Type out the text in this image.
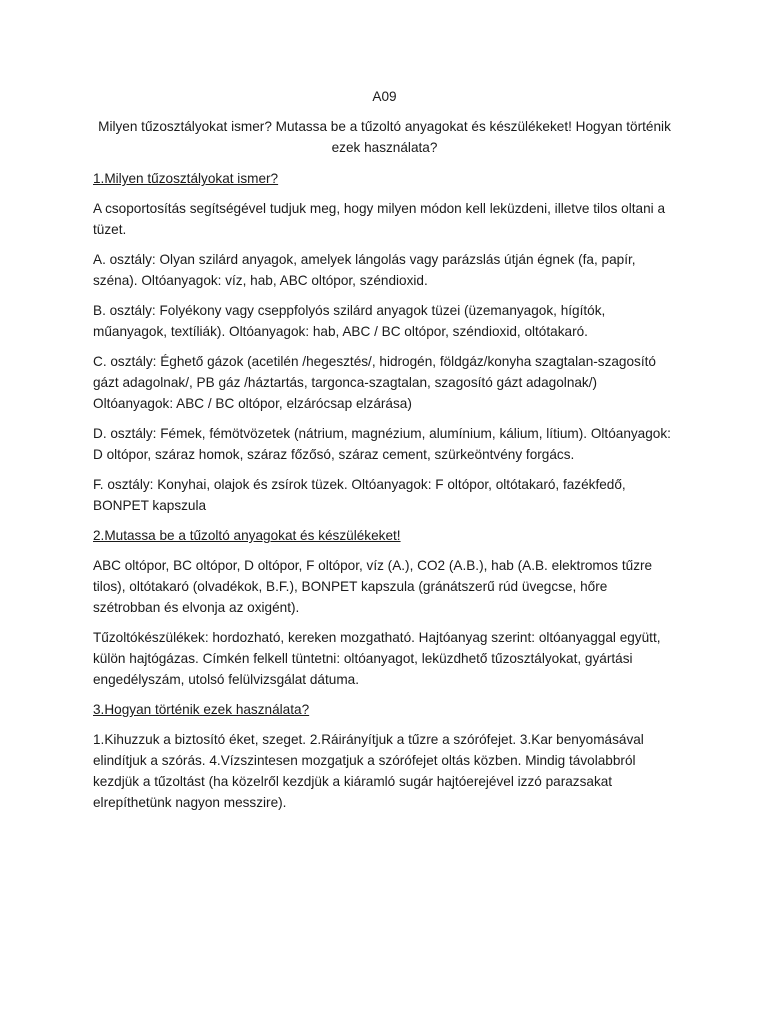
A09

Milyen tűzosztályokat ismer? Mutassa be a tűzoltó anyagokat és készülékeket! Hogyan történik ezek használata?

1.Milyen tűzosztályokat ismer?

A csoportosítás segítségével tudjuk meg, hogy milyen módon kell leküzdeni, illetve tilos oltani a tüzet.

A. osztály: Olyan szilárd anyagok, amelyek lángolás vagy parázslás útján égnek (fa, papír, széna). Oltóanyagok: víz, hab, ABC oltópor, széndioxid.

B. osztály: Folyékony vagy cseppfolyós szilárd anyagok tüzei (üzemanyagok, hígítók, műanyagok, textíliák). Oltóanyagok: hab, ABC / BC oltópor, széndioxid, oltótakaró.

C. osztály: Éghető gázok (acetilén /hegesztés/, hidrogén, földgáz/konyha szagtalan-szagosító gázt adagolnak/, PB gáz /háztartás, targonca-szagtalan, szagosító gázt adagolnak/) Oltóanyagok: ABC / BC oltópor, elzárócsap elzárása)

D. osztály: Fémek, fémötvözetek (nátrium, magnézium, alumínium, kálium, lítium). Oltóanyagok: D oltópor, száraz homok, száraz főzősó, száraz cement, szürkeöntvény forgács.

F. osztály: Konyhai, olajok és zsírok tüzek. Oltóanyagok: F oltópor, oltótakaró, fazékfedő, BONPET kapszula

2.Mutassa be a tűzoltó anyagokat és készülékeket!

ABC oltópor, BC oltópor, D oltópor, F oltópor, víz (A.), CO2 (A.B.), hab (A.B. elektromos tűzre tilos), oltótakaró (olvadékok, B.F.), BONPET kapszula (gránátszerű rúd üvegcse, hőre szétrobban és elvonja az oxigént).

Tűzoltókészülékek: hordozható, kereken mozgatható. Hajtóanyag szerint: oltóanyaggal együtt, külön hajtógázas. Címkén felkell tüntetni: oltóanyagot, leküzdhető tűzosztályokat, gyártási engedélyszám, utolsó felülvizsgálat dátuma.

3.Hogyan történik ezek használata?

1.Kihuzzuk a biztosító éket, szeget. 2.Ráirányítjuk a tűzre a szórófejet. 3.Kar benyomásával elindítjuk a szórás. 4.Vízszintesen mozgatjuk a szórófejet oltás közben. Mindig távolabbról kezdjük a tűzoltást (ha közelről kezdjük a kiáramló sugár hajtóerejével izzó parazsakat elrepíthetünk nagyon messzire).
